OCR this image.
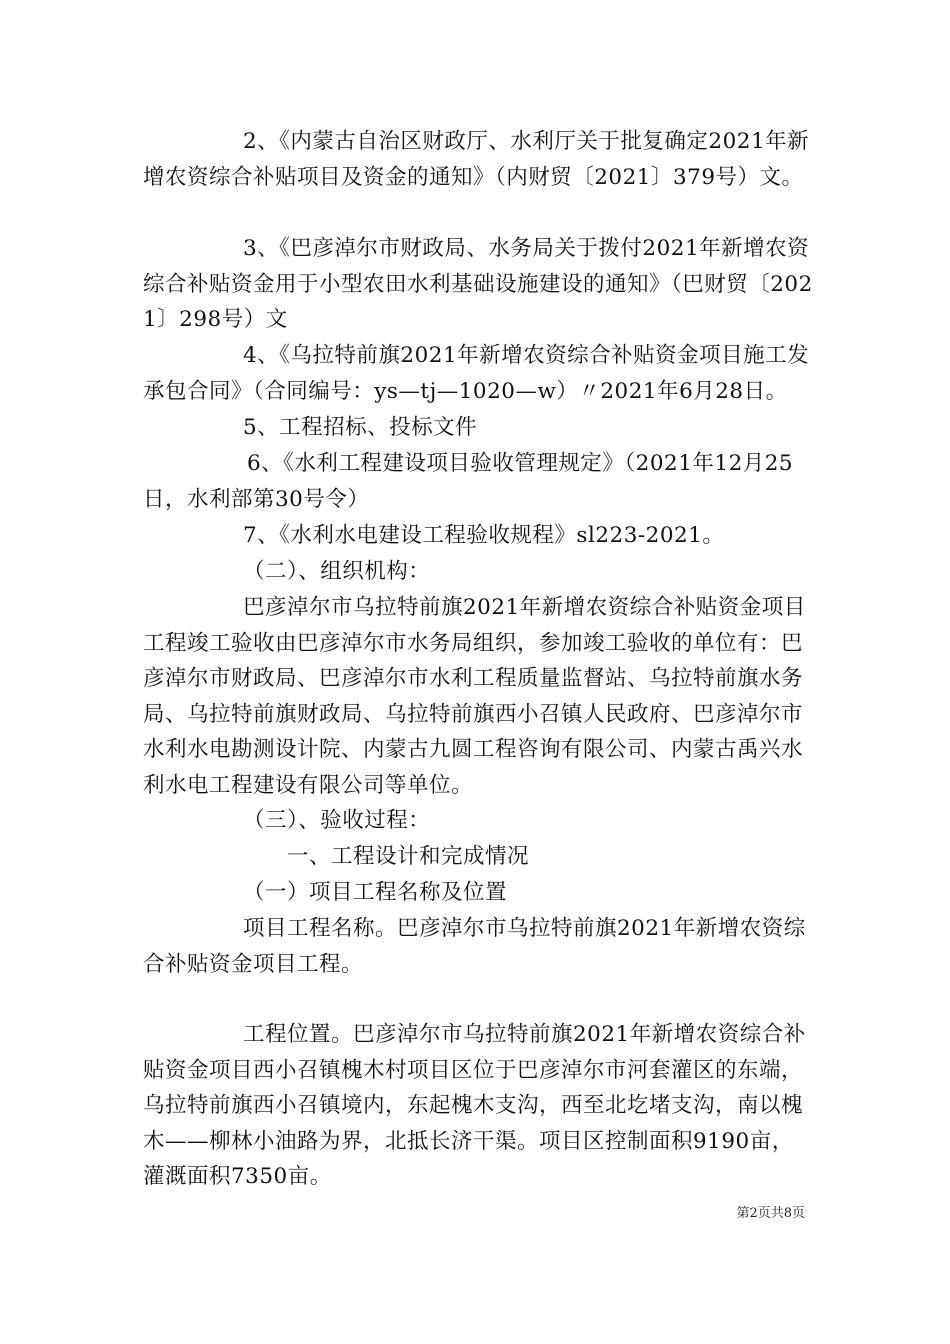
2、《内蒙古自治区财政厅、水利厅关于批复确定2021年新增农资综合补贴项目及资金的通知》（内财贸〔2021〕379号）文。

3、《巴彦淖尔市财政局、水务局关于拨付2021年新增农资综合补贴资金用于小型农田水利基础设施建设的通知》（巴财贸〔2021〕298号）文

4、《乌拉特前旗2021年新增农资综合补贴资金项目施工发承包合同》（合同编号：ys—tj—1020—w）〃2021年6月28日。

5、工程招标、投标文件

6、《水利工程建设项目验收管理规定》（2021年12月25日，水利部第30号令）

7、《水利水电建设工程验收规程》sl223-2021。

（二）、组织机构：

巴彦淖尔市乌拉特前旗2021年新增农资综合补贴资金项目工程竣工验收由巴彦淖尔市水务局组织，参加竣工验收的单位有：巴彦淖尔市财政局、巴彦淖尔市水利工程质量监督站、乌拉特前旗水务局、乌拉特前旗财政局、乌拉特前旗西小召镇人民政府、巴彦淖尔市水利水电勘测设计院、内蒙古九圆工程咨询有限公司、内蒙古禹兴水利水电工程建设有限公司等单位。

（三）、验收过程：

一、工程设计和完成情况

（一）项目工程名称及位置

项目工程名称。巴彦淖尔市乌拉特前旗2021年新增农资综合补贴资金项目工程。

工程位置。巴彦淖尔市乌拉特前旗2021年新增农资综合补贴资金项目西小召镇槐木村项目区位于巴彦淖尔市河套灌区的东端，乌拉特前旗西小召镇境内，东起槐木支沟，西至北圪堵支沟，南以槐木——柳林小油路为界，北抵长济干渠。项目区控制面积9190亩，灌溉面积7350亩。

第2页共8页
